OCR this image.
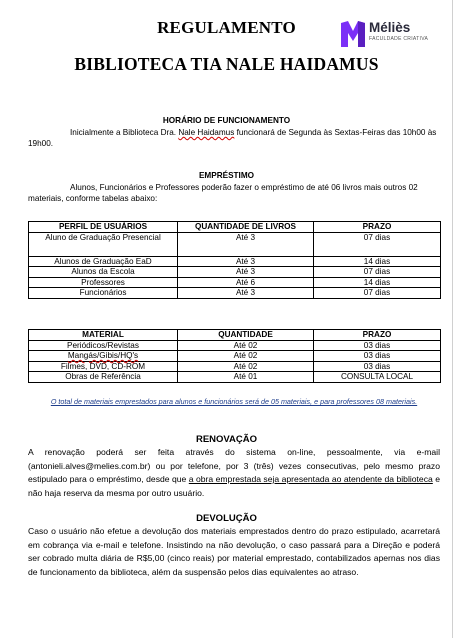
REGULAMENTO
BIBLIOTECA TIA NALE HAIDAMUS
Méliès
FACULDADE CRIATIVA
HORÁRIO DE FUNCIONAMENTO
Inicialmente a Biblioteca Dra. Nale Haidamus funcionará de Segunda às Sextas-Feiras das 10h00 às 19h00.
EMPRÉSTIMO
Alunos, Funcionários e Professores poderão fazer o empréstimo de até 06 livros mais outros 02 materiais, conforme tabelas abaixo:
PERFIL DE USUÁRIOS	QUANTIDADE DE LIVROS	PRAZO
Aluno de Graduação Presencial	Até 3	07 dias
Alunos de Graduação EaD	Até 3	14 dias
Alunos da Escola	Até 3	07 dias
Professores	Até 6	14 dias
Funcionários	Até 3	07 dias
MATERIAL	QUANTIDADE	PRAZO
Periódicos/Revistas	Até 02	03 dias
Mangás/Gibis/HQ's	Até 02	03 dias
Filmes, DVD, CD-ROM	Até 02	03 dias
Obras de Referência	Até 01	CONSULTA LOCAL
O total de materiais emprestados para alunos e funcionários será de 05 materiais, e para professores 08 materiais.
RENOVAÇÃO
A renovação poderá ser feita através do sistema on-line, pessoalmente, via e-mail (antonieli.alves@melies.com.br) ou por telefone, por 3 (três) vezes consecutivas, pelo mesmo prazo estipulado para o empréstimo, desde que a obra emprestada seja apresentada ao atendente da biblioteca e não haja reserva da mesma por outro usuário.
DEVOLUÇÃO
Caso o usuário não efetue a devolução dos materiais emprestados dentro do prazo estipulado, acarretará em cobrança via e-mail e telefone. Insistindo na não devolução, o caso passará para a Direção e poderá ser cobrado multa diária de R$5,00 (cinco reais) por material emprestado, contabilizados apernas nos dias de funcionamento da biblioteca, além da suspensão pelos dias equivalentes ao atraso.
